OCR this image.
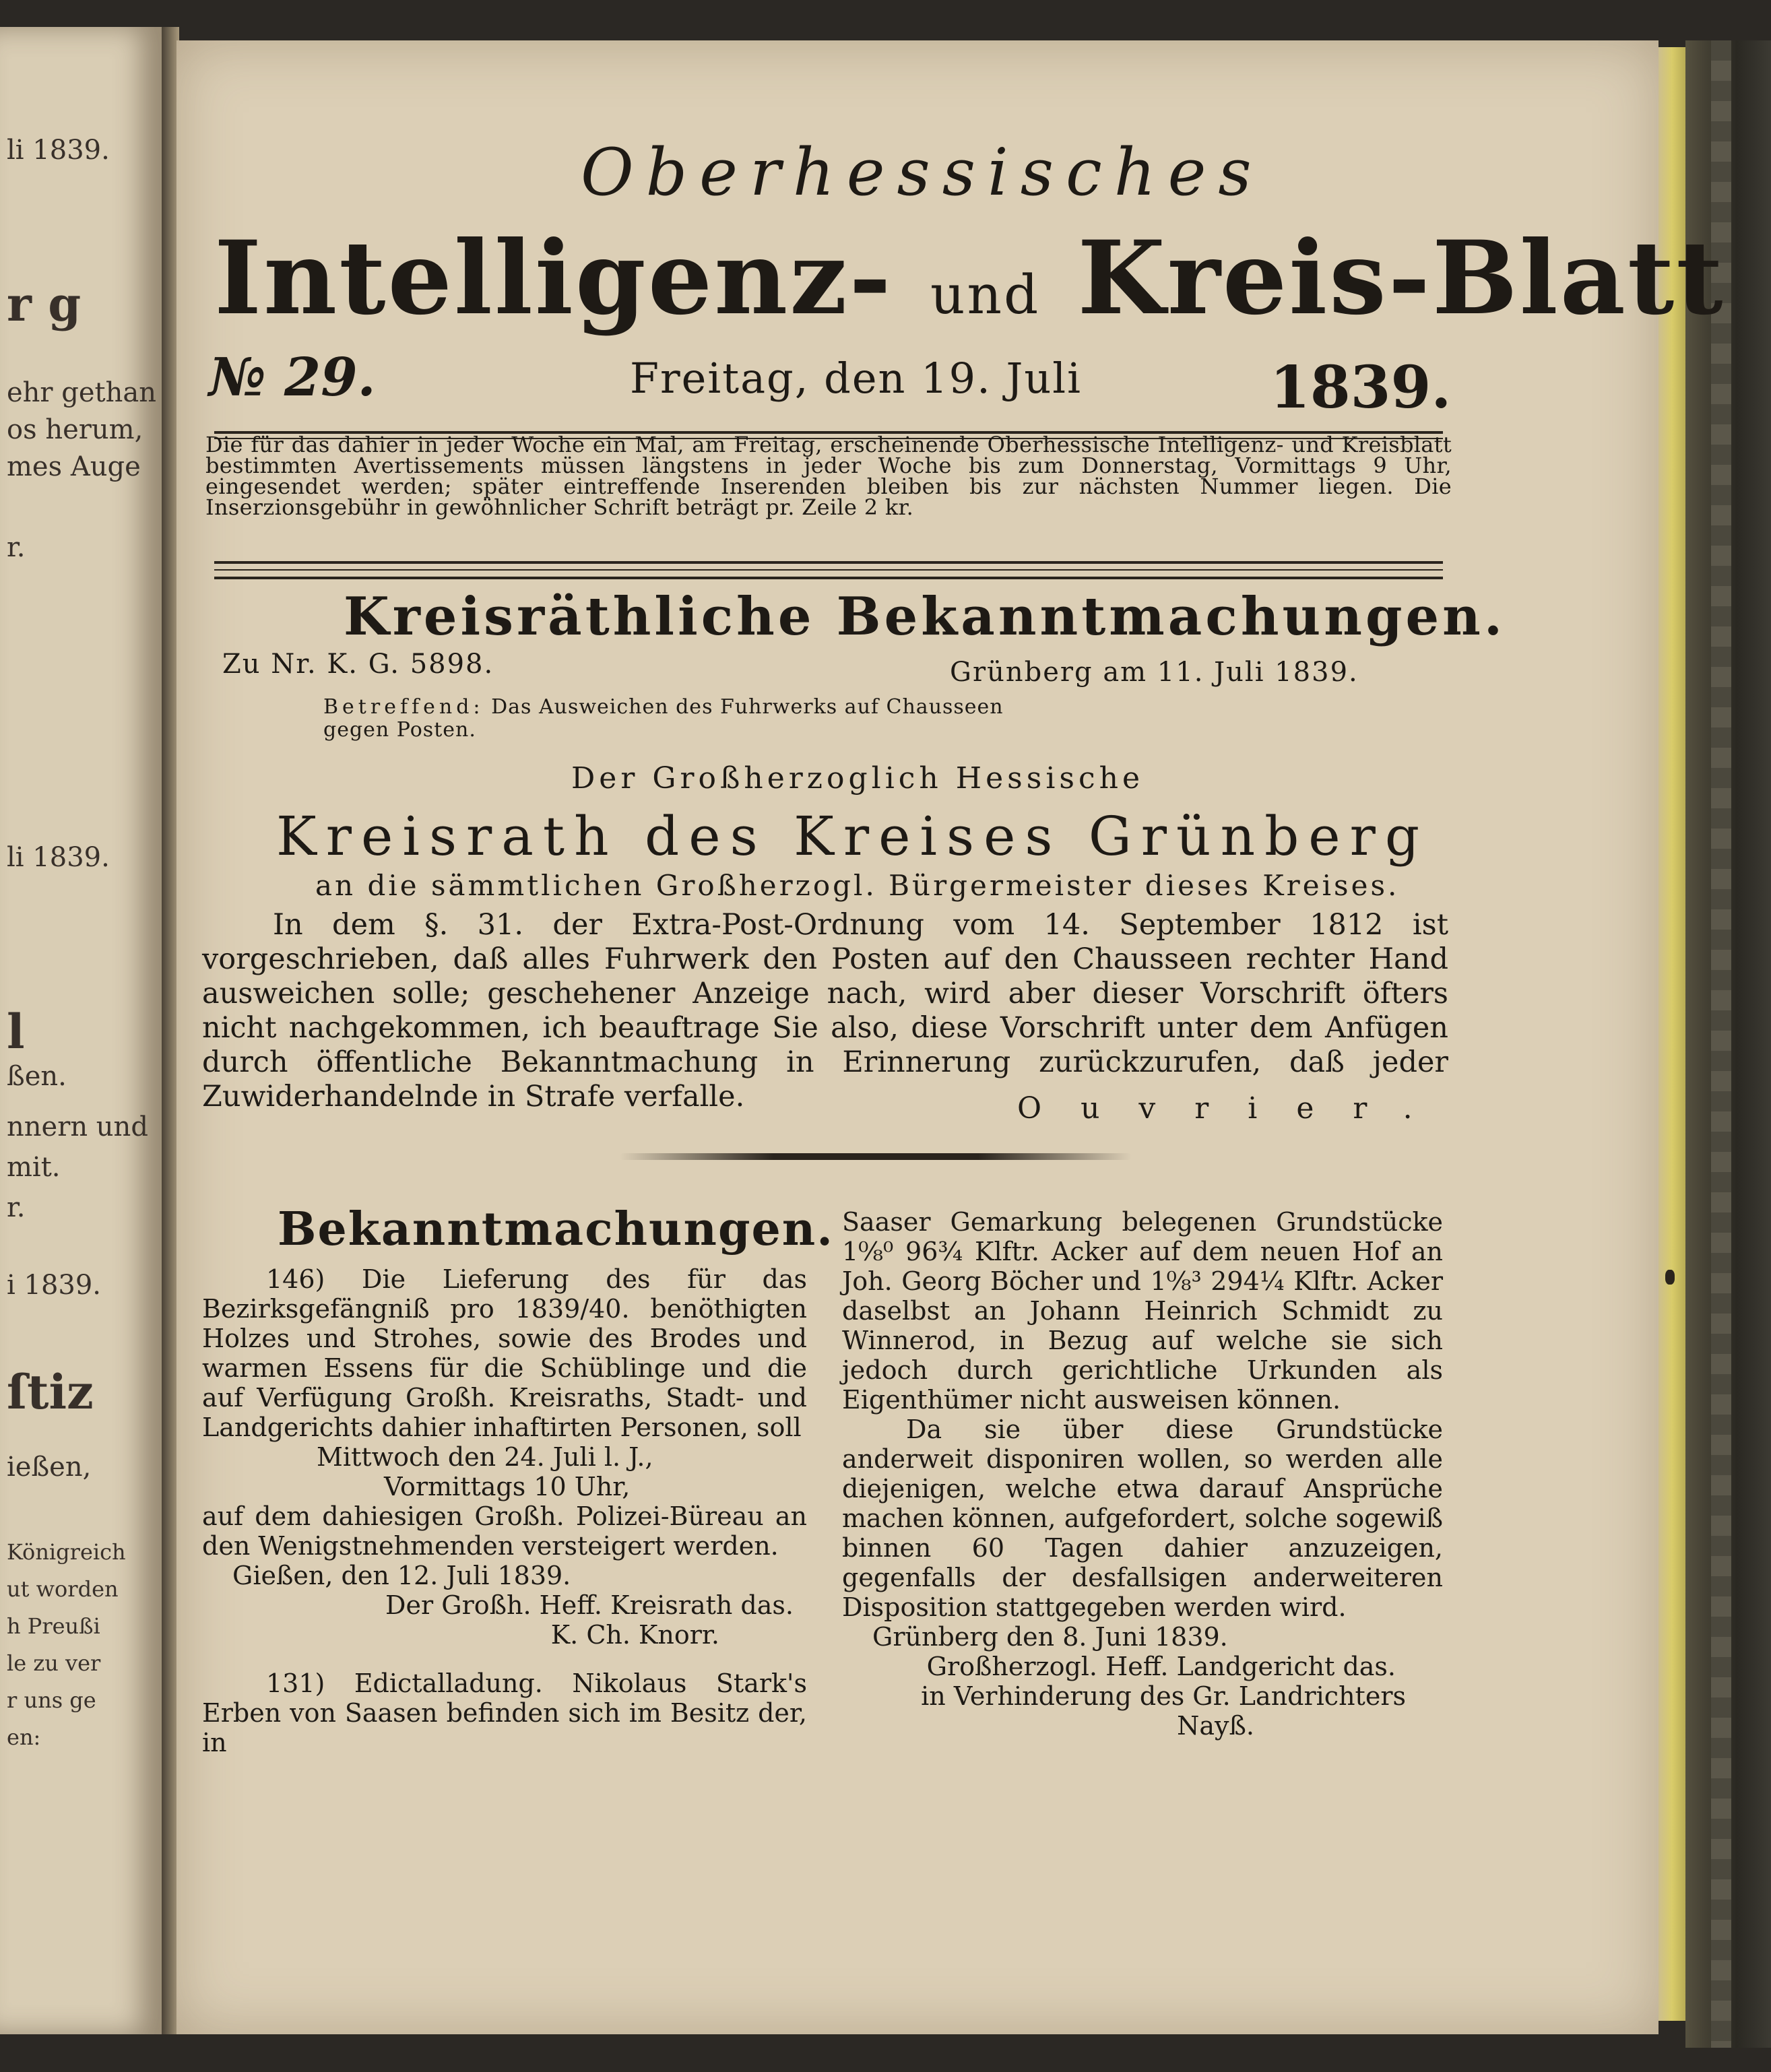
li 1839.
r g
ehr gethan
os herum,
mes Auge
r.
li 1839.
l
ßen.
nnern und
mit.
r.
i 1839.
ſtiz
ießen,
Königreich
ut worden
h Preußi
le zu ver
r uns ge
en:
Oberhessisches
Intelligenz- und Kreis-Blatt
№ 29.	Freitag, den 19. Juli	1839.
Die für das dahier in jeder Woche ein Mal, am Freitag, erscheinende Oberhessische Intelligenz- und Kreisblatt bestimmten Avertissements müssen längstens in jeder Woche bis zum Donnerstag, Vormittags 9 Uhr, eingesendet werden; später eintreffende Inserenden bleiben bis zur nächsten Nummer liegen. Die Inserzionsgebühr in gewöhnlicher Schrift beträgt pr. Zeile 2 kr.
Kreisräthliche Bekanntmachungen.
Zu Nr. K. G. 5898.	Grünberg am 11. Juli 1839.
Betreffend: Das Ausweichen des Fuhrwerks auf Chausseen gegen Posten.
Der Großherzoglich Hessische
Kreisrath des Kreises Grünberg
an die sämmtlichen Großherzogl. Bürgermeister dieses Kreises.
In dem §. 31. der Extra-Post-Ordnung vom 14. September 1812 ist vorgeschrieben, daß alles Fuhrwerk den Posten auf den Chausseen rechter Hand ausweichen solle; geschehener Anzeige nach, wird aber dieser Vorschrift öfters nicht nachgekommen, ich beauftrage Sie also, diese Vorschrift unter dem Anfügen durch öffentliche Bekanntmachung in Erinnerung zurückzurufen, daß jeder Zuwiderhandelnde in Strafe verfalle.	Ouvrier.
Bekanntmachungen.

146) Die Lieferung des für das Bezirksgefängniß pro 1839/40. benöthigten Holzes und Strohes, sowie des Brodes und warmen Essens für die Schüblinge und die auf Verfügung Großh. Kreisraths, Stadt- und Landgerichts dahier inhaftirten Personen, soll

Mittwoch den 24. Juli l. J.,
Vormittags 10 Uhr,

auf dem dahiesigen Großh. Polizei-Büreau an den Wenigstnehmenden versteigert werden.

Gießen, den 12. Juli 1839.

Der Großh. Heff. Kreisrath das.
K. Ch. Knorr.

131) Edictalladung. Nikolaus Stark's Erben von Saasen befinden sich im Besitz der, in

Saaser Gemarkung belegenen Grundstücke 1⁰⁄₈⁰ 96¾ Klftr. Acker auf dem neuen Hof an Joh. Georg Böcher und 1⁰⁄₈³ 294¼ Klftr. Acker daselbst an Johann Heinrich Schmidt zu Winnerod, in Bezug auf welche sie sich jedoch durch gerichtliche Urkunden als Eigenthümer nicht ausweisen können.

Da sie über diese Grundstücke anderweit disponiren wollen, so werden alle diejenigen, welche etwa darauf Ansprüche machen können, aufgefordert, solche sogewiß binnen 60 Tagen dahier anzuzeigen, gegenfalls der desfallsigen anderweiteren Disposition stattgegeben werden wird.

Grünberg den 8. Juni 1839.

Großherzogl. Heff. Landgericht das.
in Verhinderung des Gr. Landrichters
Nayß.
